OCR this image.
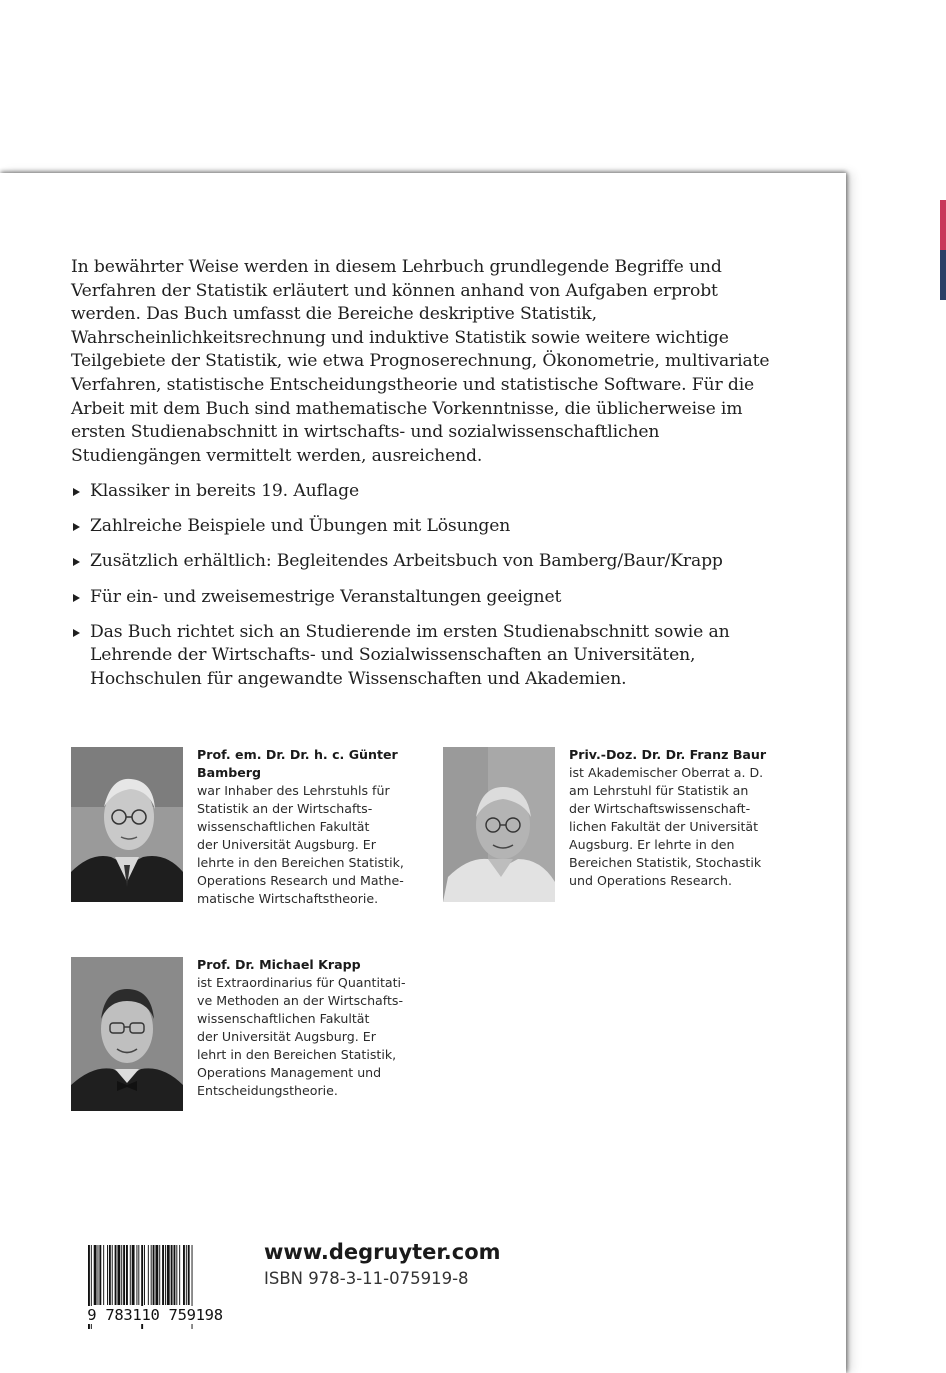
In bewährter Weise werden in diesem Lehrbuch grundlegende Begriffe und Verfahren der Statistik erläutert und können anhand von Aufgaben erprobt werden. Das Buch umfasst die Bereiche deskriptive Statistik, Wahrscheinlichkeitsrechnung und induktive Statistik sowie weitere wichtige Teilgebiete der Statistik, wie etwa Prognoserechnung, Ökonometrie, multivariate Verfahren, statistische Entscheidungstheorie und statistische Software. Für die Arbeit mit dem Buch sind mathematische Vorkenntnisse, die üblicherweise im ersten Studienabschnitt in wirtschafts- und sozialwissenschaftlichen Studiengängen vermittelt werden, ausreichend.

Klassiker in bereits 19. Auflage
Zahlreiche Beispiele und Übungen mit Lösungen
Zusätzlich erhältlich: Begleitendes Arbeitsbuch von Bamberg/Baur/Krapp
Für ein- und zweisemestrige Veranstaltungen geeignet
Das Buch richtet sich an Studierende im ersten Studienabschnitt sowie an Lehrende der Wirtschafts- und Sozialwissenschaften an Universitäten, Hochschulen für angewandte Wissenschaften und Akademien.

Prof. em. Dr. Dr. h. c. Günter
Bamberg
war Inhaber des Lehrstuhls für
Statistik an der Wirtschafts-
wissenschaftlichen Fakultät
der Universität Augsburg. Er
lehrte in den Bereichen Statistik,
Operations Research und Mathe-
matische Wirtschaftstheorie.

Priv.-Doz. Dr. Dr. Franz Baur
ist Akademischer Oberrat a. D.
am Lehrstuhl für Statistik an
der Wirtschaftswissenschaft-
lichen Fakultät der Universität
Augsburg. Er lehrte in den
Bereichen Statistik, Stochastik
und Operations Research.

Prof. Dr. Michael Krapp
ist Extraordinarius für Quantitati-
ve Methoden an der Wirtschafts-
wissenschaftlichen Fakultät
der Universität Augsburg. Er
lehrt in den Bereichen Statistik,
Operations Management und
Entscheidungstheorie.

9 783110 759198
www.degruyter.com
ISBN 978-3-11-075919-8
